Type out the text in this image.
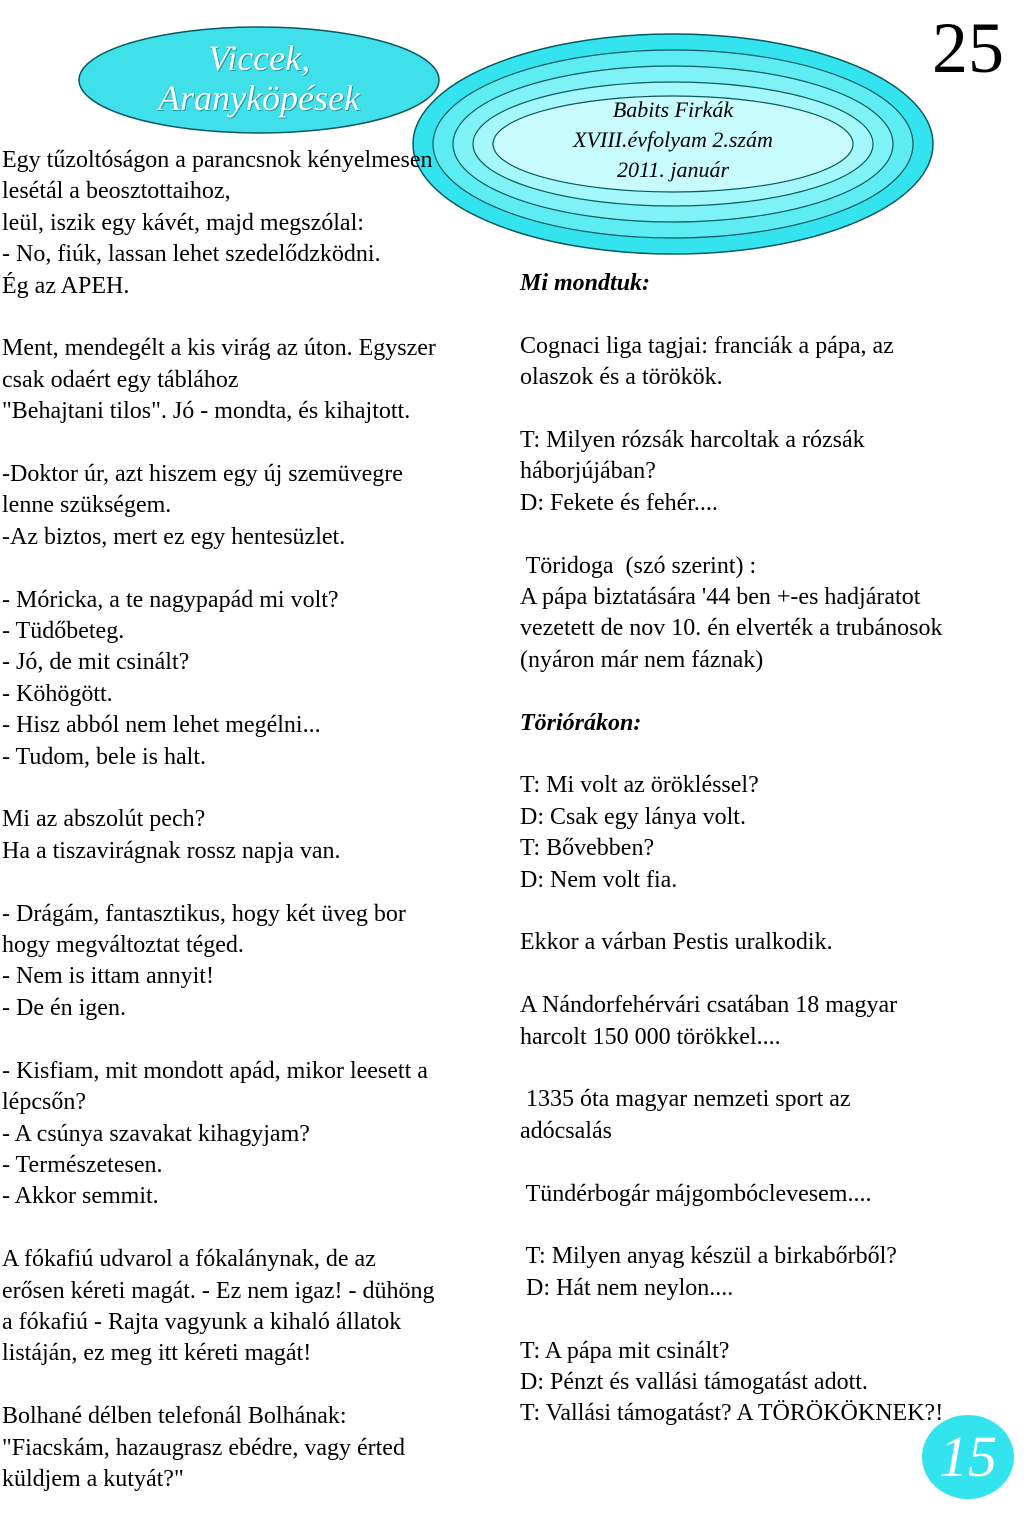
Viccek,
Aranyköpések	Babits Firkák
XVIII.évfolyam 2.szám
2011. január
25
15

Egy tűzoltóságon a parancsnok kényelmesen
lesétál a beosztottaihoz,
leül, iszik egy kávét, majd megszólal:
- No, fiúk, lassan lehet szedelődzködni.
Ég az APEH.

Ment, mendegélt a kis virág az úton. Egyszer
csak odaért egy táblához
"Behajtani tilos". Jó - mondta, és kihajtott.

-Doktor úr, azt hiszem egy új szemüvegre
lenne szükségem.
-Az biztos, mert ez egy hentesüzlet.

- Móricka, a te nagypapád mi volt?
- Tüdőbeteg.
- Jó, de mit csinált?
- Köhögött.
- Hisz abból nem lehet megélni...
- Tudom, bele is halt.

Mi az abszolút pech?
Ha a tiszavirágnak rossz napja van.

- Drágám, fantasztikus, hogy két üveg bor
hogy megváltoztat téged.
- Nem is ittam annyit!
- De én igen.

- Kisfiam, mit mondott apád, mikor leesett a
lépcsőn?
- A csúnya szavakat kihagyjam?
- Természetesen.
- Akkor semmit.

A fókafiú udvarol a fókalánynak, de az
erősen kéreti magát. - Ez nem igaz! - dühöng
a fókafiú - Rajta vagyunk a kihaló állatok
listáján, ez meg itt kéreti magát!

Bolhané délben telefonál Bolhának:
"Fiacskám, hazaugrasz ebédre, vagy érted
küldjem a kutyát?"

Mi mondtuk:

Cognaci liga tagjai: franciák a pápa, az
olaszok és a törökök.

T: Milyen rózsák harcoltak a rózsák
háborjújában?
D: Fekete és fehér....

Töridoga  (szó szerint) :
A pápa biztatására '44 ben +-es hadjáratot
vezetett de nov 10. én elverték a trubánosok
(nyáron már nem fáznak)

Töriórákon:

T: Mi volt az örökléssel?
D: Csak egy lánya volt.
T: Bővebben?
D: Nem volt fia.

Ekkor a várban Pestis uralkodik.

A Nándorfehérvári csatában 18 magyar
harcolt 150 000 törökkel....

1335 óta magyar nemzeti sport az
adócsalás

Tündérbogár májgombóclevesem....

T: Milyen anyag készül a birkabőrből?
D: Hát nem neylon....

T: A pápa mit csinált?
D: Pénzt és vallási támogatást adott.
T: Vallási támogatást? A TÖRÖKÖKNEK?!
